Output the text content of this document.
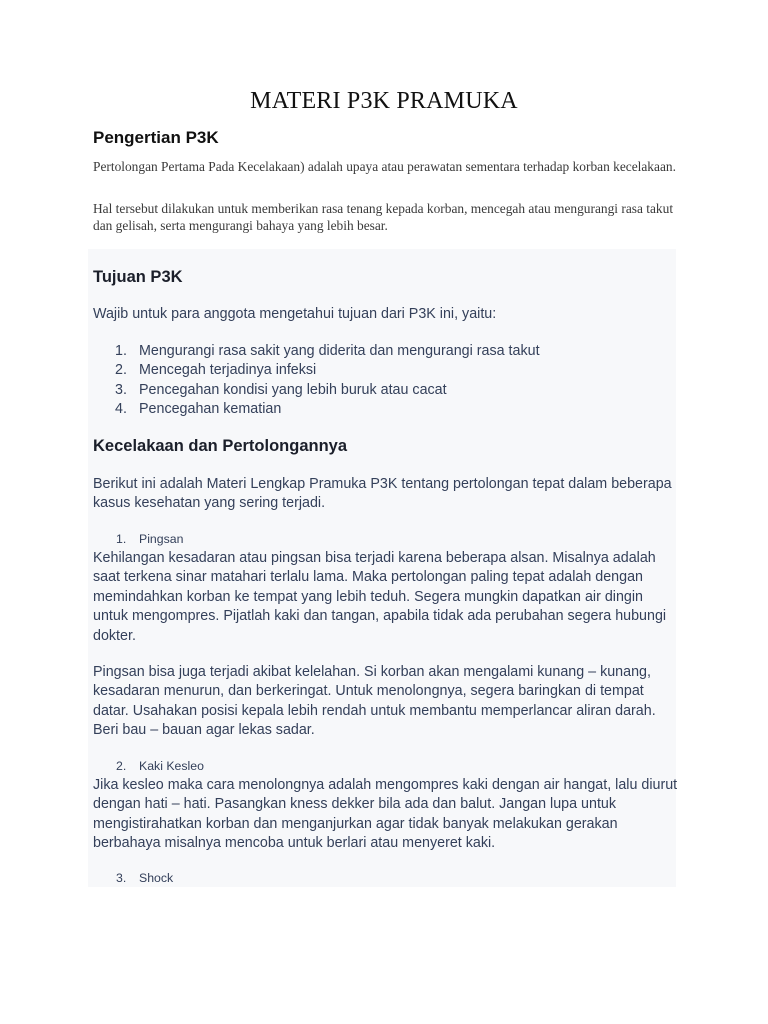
MATERI P3K PRAMUKA
Pengertian P3K

Pertolongan Pertama Pada Kecelakaan) adalah upaya atau perawatan sementara terhadap korban kecelakaan.

Hal tersebut dilakukan untuk memberikan rasa tenang kepada korban, mencegah atau mengurangi rasa takut dan gelisah, serta mengurangi bahaya yang lebih besar.

Tujuan P3K

Wajib untuk para anggota mengetahui tujuan dari P3K ini, yaitu:

1. Mengurangi rasa sakit yang diderita dan mengurangi rasa takut
2. Mencegah terjadinya infeksi
3. Pencegahan kondisi yang lebih buruk atau cacat
4. Pencegahan kematian
Kecelakaan dan Pertolongannya

Berikut ini adalah Materi Lengkap Pramuka P3K tentang pertolongan tepat dalam beberapa kasus kesehatan yang sering terjadi.

1. Pingsan

Kehilangan kesadaran atau pingsan bisa terjadi karena beberapa alsan. Misalnya adalah saat terkena sinar matahari terlalu lama. Maka pertolongan paling tepat adalah dengan memindahkan korban ke tempat yang lebih teduh. Segera mungkin dapatkan air dingin untuk mengompres. Pijatlah kaki dan tangan, apabila tidak ada perubahan segera hubungi dokter.

Pingsan bisa juga terjadi akibat kelelahan. Si korban akan mengalami kunang – kunang, kesadaran menurun, dan berkeringat. Untuk menolongnya, segera baringkan di tempat datar. Usahakan posisi kepala lebih rendah untuk membantu memperlancar aliran darah. Beri bau – bauan agar lekas sadar.

2. Kaki Kesleo

Jika kesleo maka cara menolongnya adalah mengompres kaki dengan air hangat, lalu diurut dengan hati – hati. Pasangkan kness dekker bila ada dan balut. Jangan lupa untuk mengistirahatkan korban dan menganjurkan agar tidak banyak melakukan gerakan berbahaya misalnya mencoba untuk berlari atau menyeret kaki.

3. Shock
